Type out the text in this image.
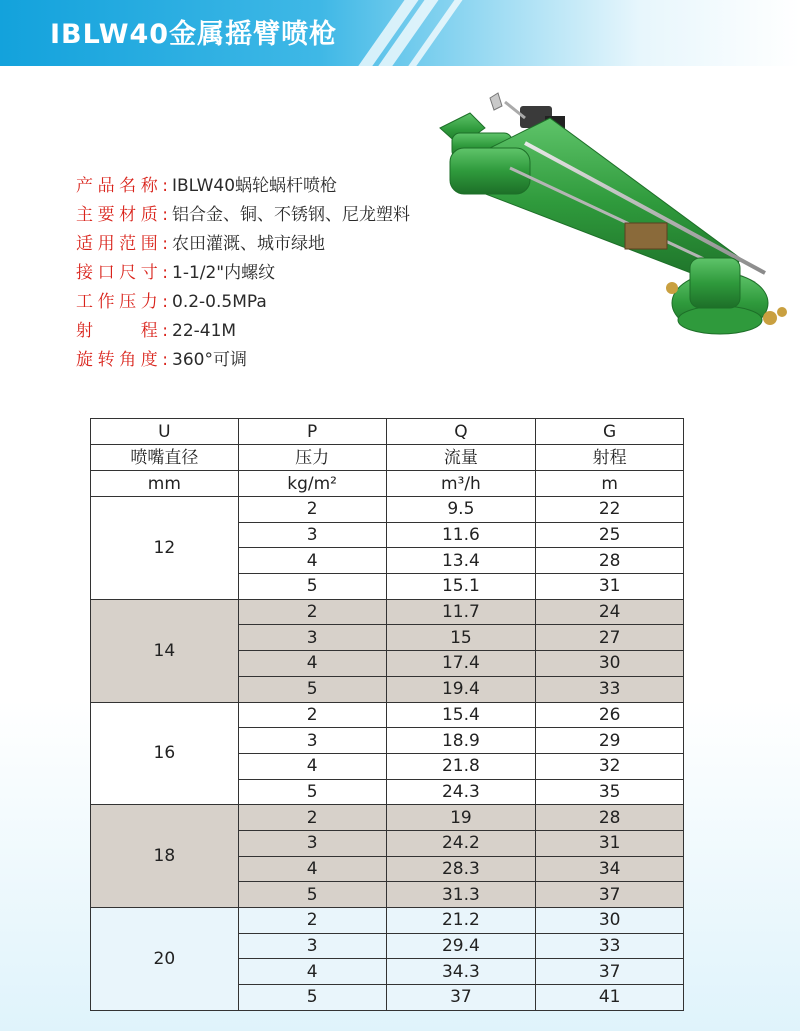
IBLW40金属摇臂喷枪
产品名称: IBLW40蜗轮蜗杆喷枪
主要材质: 铝合金、铜、不锈钢、尼龙塑料
适用范围: 农田灌溉、城市绿地
接口尺寸: 1-1/2"内螺纹
工作压力: 0.2-0.5MPa
射　　程: 22-41M
旋转角度: 360°可调
U	P	Q	G
喷嘴直径	压力	流量	射程
mm	kg/m²	m³/h	m
12	2	9.5	22
	3	11.6	25
	4	13.4	28
	5	15.1	31
14	2	11.7	24
	3	15	27
	4	17.4	30
	5	19.4	33
16	2	15.4	26
	3	18.9	29
	4	21.8	32
	5	24.3	35
18	2	19	28
	3	24.2	31
	4	28.3	34
	5	31.3	37
20	2	21.2	30
	3	29.4	33
	4	34.3	37
	5	37	41
